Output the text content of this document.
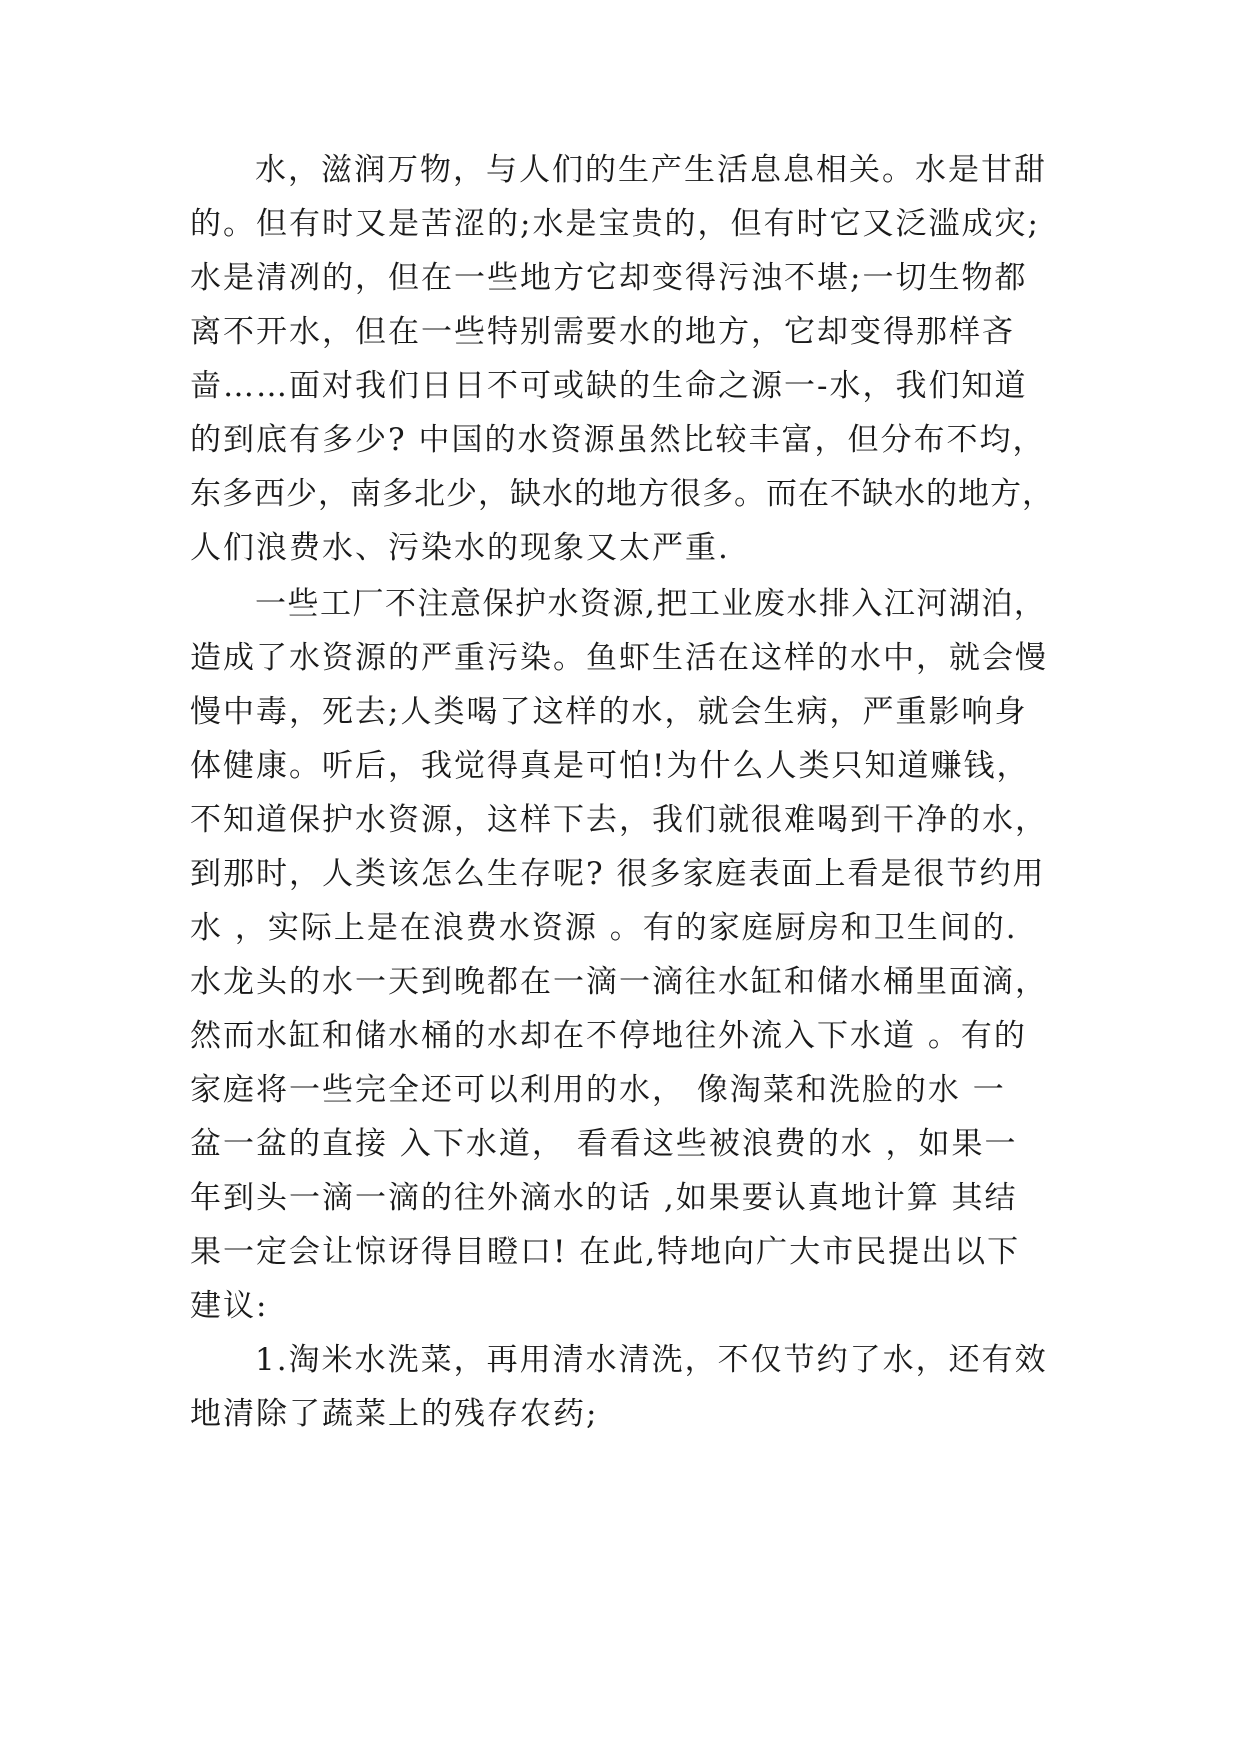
水，滋润万物，与人们的生产生活息息相关。水是甘甜
的。但有时又是苦涩的;水是宝贵的，但有时它又泛滥成灾;
水是清冽的，但在一些地方它却变得污浊不堪;一切生物都
离不开水，但在一些特别需要水的地方，它却变得那样吝
啬……面对我们日日不可或缺的生命之源一-水，我们知道
的到底有多少? 中国的水资源虽然比较丰富，但分布不均，
东多西少，南多北少，缺水的地方很多。而在不缺水的地方，
人们浪费水、污染水的现象又太严重.
一些工厂不注意保护水资源,把工业废水排入江河湖泊，
造成了水资源的严重污染。鱼虾生活在这样的水中，就会慢
慢中毒，死去;人类喝了这样的水，就会生病，严重影响身
体健康。听后，我觉得真是可怕!为什么人类只知道赚钱，
不知道保护水资源，这样下去，我们就很难喝到干净的水，
到那时，人类该怎么生存呢? 很多家庭表面上看是很节约用
水 ，实际上是在浪费水资源 。有的家庭厨房和卫生间的.
水龙头的水一天到晚都在一滴一滴往水缸和储水桶里面滴，
然而水缸和储水桶的水却在不停地往外流入下水道 。有的
家庭将一些完全还可以利用的水， 像淘菜和洗脸的水 一
盆一盆的直接 入下水道， 看看这些被浪费的水 ，如果一
年到头一滴一滴的往外滴水的话 ,如果要认真地计算 其结
果一定会让惊讶得目瞪口! 在此,特地向广大市民提出以下
建议:
1.淘米水洗菜，再用清水清洗，不仅节约了水，还有效
地清除了蔬菜上的残存农药;
